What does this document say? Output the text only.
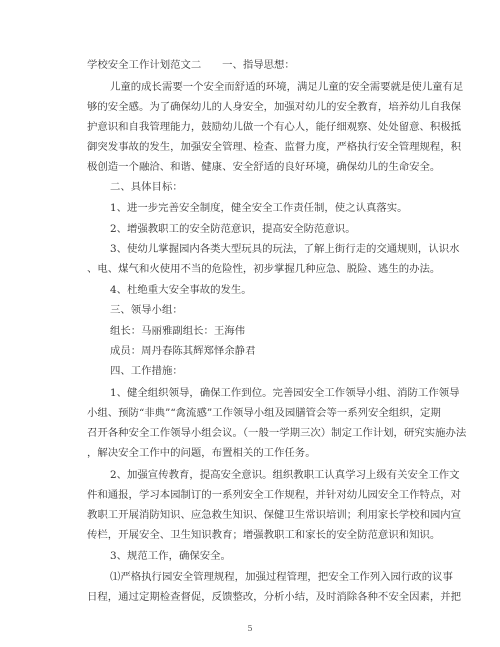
学校安全工作计划范文二　　一、指导思想：
儿童的成长需要一个安全而舒适的环境，满足儿童的安全需要就是使儿童有足
够的安全感。为了确保幼儿的人身安全，加强对幼儿的安全教育，培养幼儿自我保
护意识和自我管理能力，鼓励幼儿做一个有心人，能仔细观察、处处留意、积极抵
御突发事故的发生，加强安全管理、检查、监督力度，严格执行安全管理规程，积
极创造一个融洽、和谐、健康、安全舒适的良好环境，确保幼儿的生命安全。
二、具体目标：
1、进一步完善安全制度，健全安全工作责任制，使之认真落实。
2、增强教职工的安全防范意识，提高安全防范意识。
3、使幼儿掌握园内各类大型玩具的玩法，了解上街行走的交通规则，认识水
、电、煤气和火使用不当的危险性，初步掌握几种应急、脱险、逃生的办法。
4、杜绝重大安全事故的发生。
三、领导小组：
组长：马丽雅副组长：王海伟
成员：周丹春陈其辉郑怿余静君
四、工作措施：
1、健全组织领导，确保工作到位。完善园安全工作领导小组、消防工作领导
小组、预防“非典”“禽流感”工作领导小组及园膳管会等一系列安全组织，定期
召开各种安全工作领导小组会议。（一般一学期三次）制定工作计划，研究实施办法
，解决安全工作中的问题，布置相关的工作任务。
2、加强宣传教育，提高安全意识。组织教职工认真学习上级有关安全工作文
件和通报，学习本园制订的一系列安全工作规程，并针对幼儿园安全工作特点，对
教职工开展消防知识、应急救生知识、保健卫生常识培训；利用家长学校和园内宣
传栏，开展安全、卫生知识教育；增强教职工和家长的安全防范意识和知识。
3、规范工作，确保安全。
⑴严格执行园安全管理规程，加强过程管理，把安全工作列入园行政的议事
日程，通过定期检查督促，反馈整改，分析小结，及时消除各种不安全因素，并把
5
